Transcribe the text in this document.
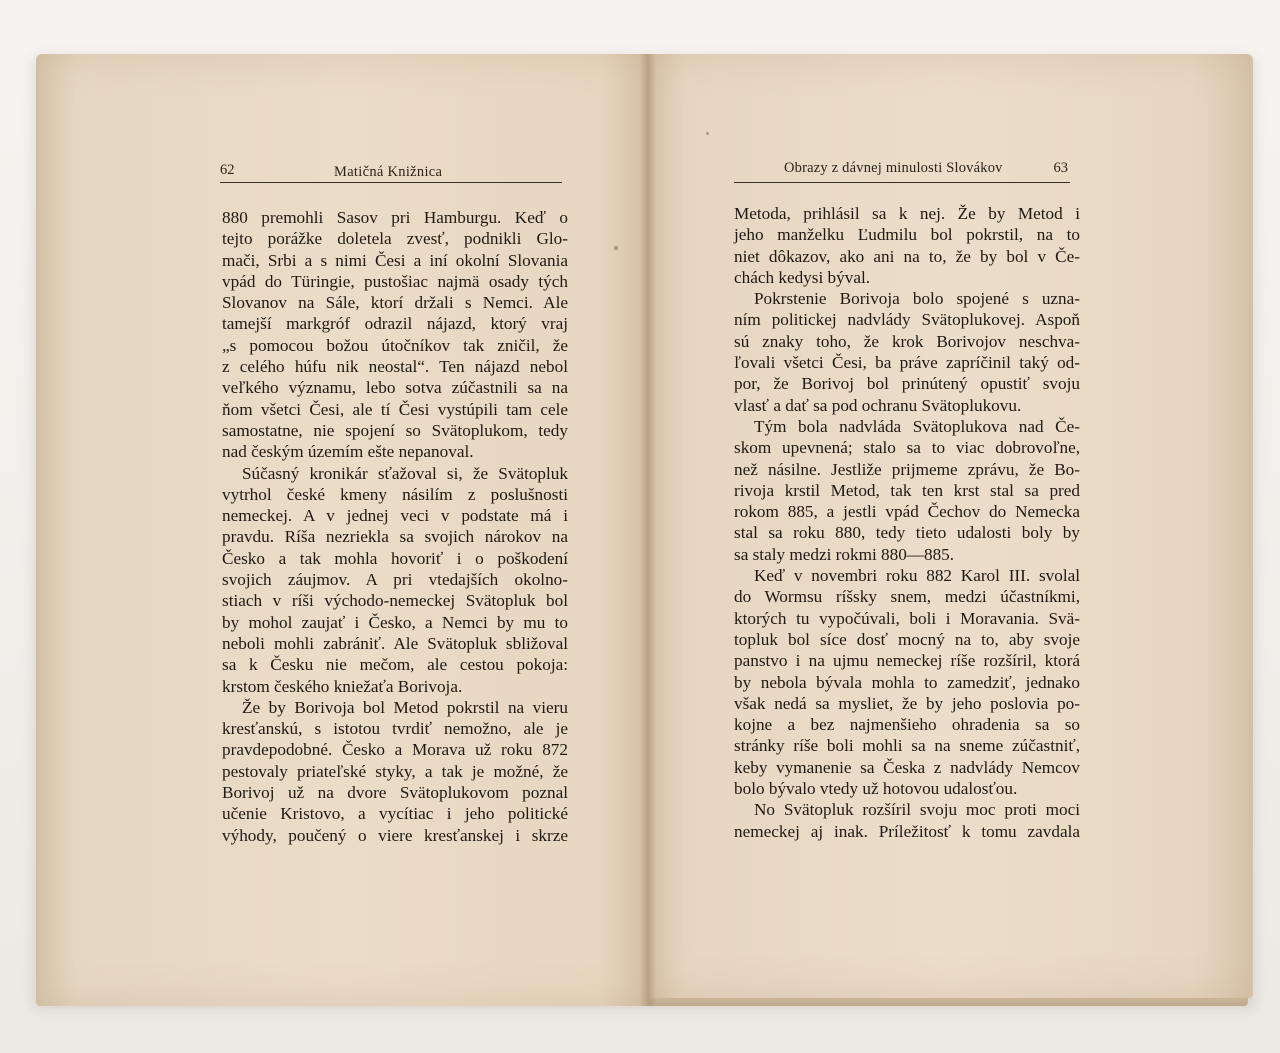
62	Matičná Knižnica	Obrazy z dávnej minulosti Slovákov	63
880 premohli Sasov pri Hamburgu. Keď o
tejto porážke doletela zvesť, podnikli Glo-
mači, Srbi a s nimi Česi a iní okolní Slovania
vpád do Türingie, pustošiac najmä osady tých
Slovanov na Sále, ktorí držali s Nemci. Ale
tamejší markgróf odrazil nájazd, ktorý vraj
„s pomocou božou útočníkov tak zničil, že
z celého húfu nik neostal“. Ten nájazd nebol
veľkého významu, lebo sotva zúčastnili sa na
ňom všetci Česi, ale tí Česi vystúpili tam cele
samostatne, nie spojení so Svätoplukom, tedy
nad českým územím ešte nepanoval.
Súčasný kronikár sťažoval si, že Svätopluk
vytrhol české kmeny násilím z poslušnosti
nemeckej. A v jednej veci v podstate má i
pravdu. Ríša nezriekla sa svojich nárokov na
Česko a tak mohla hovoriť i o poškodení
svojich záujmov. A pri vtedajších okolno-
stiach v ríši východo-nemeckej Svätopluk bol
by mohol zaujať i Česko, a Nemci by mu to
neboli mohli zabrániť. Ale Svätopluk sbližoval
sa k Česku nie mečom, ale cestou pokoja:
krstom českého kniežaťa Borivoja.
Že by Borivoja bol Metod pokrstil na vieru
kresťanskú, s istotou tvrdiť nemožno, ale je
pravdepodobné. Česko a Morava už roku 872
pestovaly priateľské styky, a tak je možné, že
Borivoj už na dvore Svätoplukovom poznal
učenie Kristovo, a vycítiac i jeho politické
výhody, poučený o viere kresťanskej i skrze
Metoda, prihlásil sa k nej. Že by Metod i
jeho manželku Ľudmilu bol pokrstil, na to
niet dôkazov, ako ani na to, že by bol v Če-
chách kedysi býval.
Pokrstenie Borivoja bolo spojené s uzna-
ním politickej nadvlády Svätoplukovej. Aspoň
sú znaky toho, že krok Borivojov neschva-
ľovali všetci Česi, ba práve zapríčinil taký od-
por, že Borivoj bol prinútený opustiť svoju
vlasť a dať sa pod ochranu Svätoplukovu.
Tým bola nadvláda Svätoplukova nad Če-
skom upevnená; stalo sa to viac dobrovoľne,
než násilne. Jestliže prijmeme zprávu, že Bo-
rivoja krstil Metod, tak ten krst stal sa pred
rokom 885, a jestli vpád Čechov do Nemecka
stal sa roku 880, tedy tieto udalosti boly by
sa staly medzi rokmi 880—885.
Keď v novembri roku 882 Karol III. svolal
do Wormsu ríšsky snem, medzi účastníkmi,
ktorých tu vypočúvali, boli i Moravania. Svä-
topluk bol síce dosť mocný na to, aby svoje
panstvo i na ujmu nemeckej ríše rozšíril, ktorá
by nebola bývala mohla to zamedziť, jednako
však nedá sa mysliet, že by jeho poslovia po-
kojne a bez najmenšieho ohradenia sa so
stránky ríše boli mohli sa na sneme zúčastniť,
keby vymanenie sa Česka z nadvlády Nemcov
bolo bývalo vtedy už hotovou udalosťou.
No Svätopluk rozšíril svoju moc proti moci
nemeckej aj inak. Príležitosť k tomu zavdala
